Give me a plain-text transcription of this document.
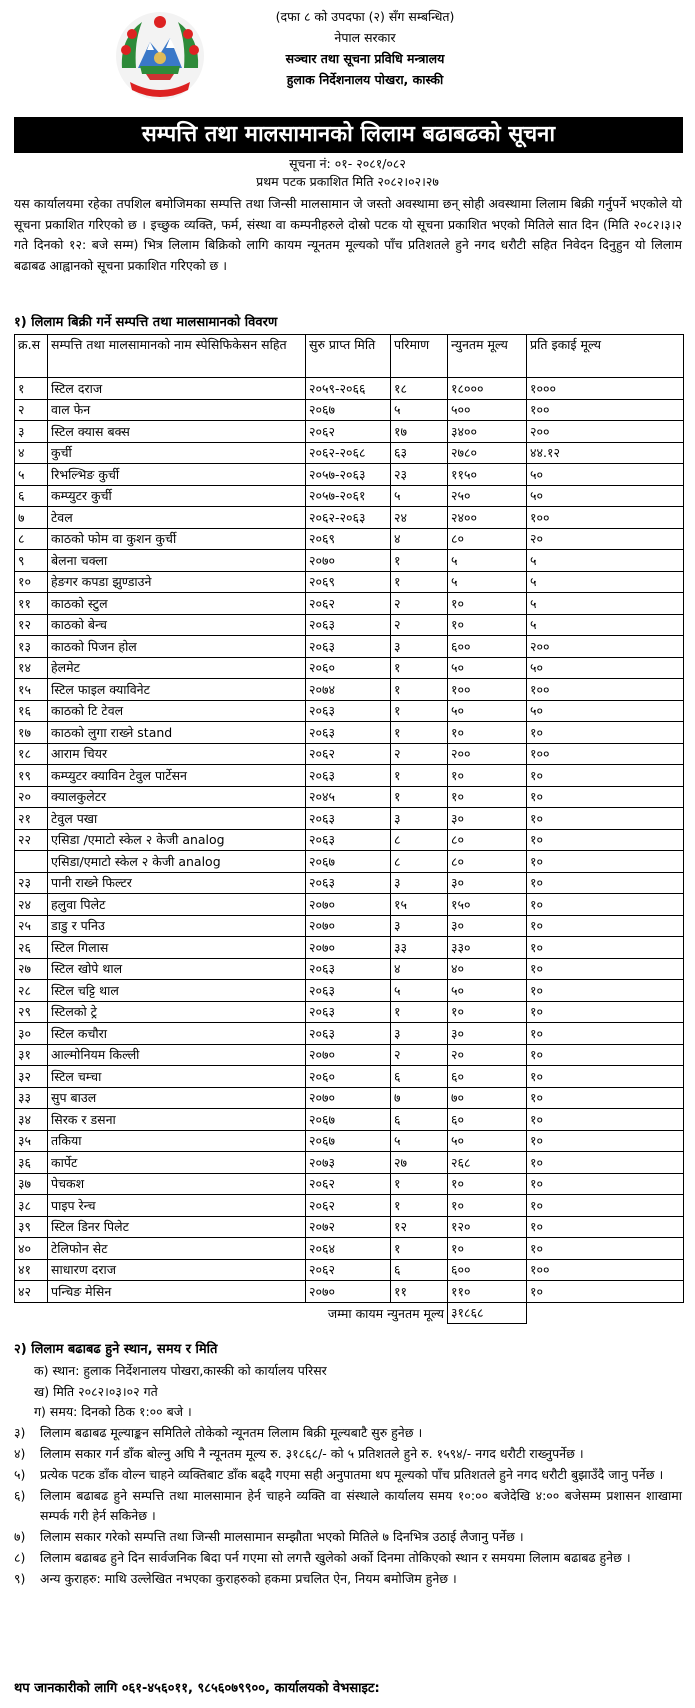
(दफा ८ को उपदफा (२) सँग सम्बन्धित)
नेपाल सरकार
सञ्चार तथा सूचना प्रविधि मन्त्रालय
हुलाक निर्देशनालय पोखरा, कास्की
सम्पत्ति तथा मालसामानको लिलाम बढाबढको सूचना
सूचना नं: ०१- २०८१/०८२
प्रथम पटक प्रकाशित मिति २०८२।०२।२७
यस कार्यालयमा रहेका तपशिल बमोजिमका सम्पत्ति तथा जिन्सी मालसामान जे जस्तो अवस्थामा छन् सोही अवस्थामा लिलाम बिक्री गर्नुपर्ने भएकोले यो सूचना प्रकाशित गरिएको छ । इच्छुक व्यक्ति, फर्म, संस्था वा कम्पनीहरुले दोस्रो पटक यो सूचना प्रकाशित भएको मितिले सात दिन (मिति २०८२।३।२ गते दिनको १२: बजे सम्म) भित्र लिलाम बिक्रिको लागि कायम न्यूनतम मूल्यको पाँच प्रतिशतले हुने नगद धरौटी सहित निवेदन दिनुहुन यो लिलाम बढाबढ आह्वानको सूचना प्रकाशित गरिएको छ ।
१) लिलाम बिक्री गर्ने सम्पत्ति तथा मालसामानको विवरण
क्र.स	सम्पत्ति तथा मालसामानको नाम स्पेसिफिकेसन सहित	सुरु प्राप्त मिति	परिमाण	न्युनतम मूल्य	प्रति इकाई मूल्य
१	स्टिल दराज	२०५९-२०६६	१८	१८०००	१०००
२	वाल फेन	२०६७	५	५००	१००
३	स्टिल क्यास बक्स	२०६२	१७	३४००	२००
४	कुर्ची	२०६२-२०६८	६३	२७८०	४४.१२
५	रिभल्भिङ कुर्ची	२०५७-२०६३	२३	११५०	५०
६	कम्प्युटर कुर्ची	२०५७-२०६१	५	२५०	५०
७	टेवल	२०६२-२०६३	२४	२४००	१००
८	काठको फोम वा कुशन कुर्ची	२०६९	४	८०	२०
९	बेलना चक्ला	२०७०	१	५	५
१०	हेङगर कपडा झुण्डाउने	२०६९	१	५	५
११	काठको स्टुल	२०६२	२	१०	५
१२	काठको बेन्च	२०६३	२	१०	५
१३	काठको पिजन होल	२०६३	३	६००	२००
१४	हेलमेट	२०६०	१	५०	५०
१५	स्टिल फाइल क्याविनेट	२०७४	१	१००	१००
१६	काठको टि टेवल	२०६३	१	५०	५०
१७	काठको लुगा राख्ने stand	२०६३	१	१०	१०
१८	आराम चियर	२०६२	२	२००	१००
१९	कम्प्युटर क्याविन टेवुल पार्टेसन	२०६३	१	१०	१०
२०	क्यालकुलेटर	२०४५	१	१०	१०
२१	टेवुल पखा	२०६३	३	३०	१०
२२	एसिडा /एमाटो स्केल २ केजी analog	२०६३	८	८०	१०
	एसिडा/एमाटो स्केल २ केजी analog	२०६७	८	८०	१०
२३	पानी राख्ने फिल्टर	२०६३	३	३०	१०
२४	हलुवा पिलेट	२०७०	१५	१५०	१०
२५	डाडु र पनिउ	२०७०	३	३०	१०
२६	स्टिल गिलास	२०७०	३३	३३०	१०
२७	स्टिल खोपे थाल	२०६३	४	४०	१०
२८	स्टिल चट्टि थाल	२०६३	५	५०	१०
२९	स्टिलको ट्रे	२०६३	१	१०	१०
३०	स्टिल कचौरा	२०६३	३	३०	१०
३१	आल्मोनियम किल्ली	२०७०	२	२०	१०
३२	स्टिल चम्चा	२०६०	६	६०	१०
३३	सुप बाउल	२०७०	७	७०	१०
३४	सिरक र डसना	२०६७	६	६०	१०
३५	तकिया	२०६७	५	५०	१०
३६	कार्पेट	२०७३	२७	२६८	१०
३७	पेचकश	२०६२	१	१०	१०
३८	पाइप रेन्च	२०६२	१	१०	१०
३९	स्टिल डिनर पिलेट	२०७२	१२	१२०	१०
४०	टेलिफोन सेट	२०६४	१	१०	१०
४१	साधारण दराज	२०६२	६	६००	१००
४२	पन्चिङ मेसिन	२०७०	११	११०	१०
जम्मा कायम न्युनतम मूल्य				३१८६८	
२) लिलाम बढाबढ हुने स्थान, समय र मिति
क) स्थान: हुलाक निर्देशनालय पोखरा,कास्की को कार्यालय परिसर
ख) मिति २०८२।०३।०२ गते
ग) समय: दिनको ठिक १:०० बजे ।
३)	लिलाम बढाबढ मूल्याङ्कन समितिले तोकेको न्यूनतम लिलाम बिक्री मूल्यबाटै सुरु हुनेछ ।
४)	लिलाम सकार गर्न डाँक बोल्नु अघि नै न्यूनतम मूल्य रु. ३१८६८/- को ५ प्रतिशतले हुने रु. १५९४/- नगद धरौटी राख्नुपर्नेछ ।
५)	प्रत्येक पटक डाँक वोल्न चाहने व्यक्तिबाट डाँक बढ्दै गएमा सही अनुपातमा थप मूल्यको पाँच प्रतिशतले हुने नगद धरौटी बुझाउँदै जानु पर्नेछ ।
६)	लिलाम बढाबढ हुने सम्पत्ति तथा मालसामान हेर्न चाहने व्यक्ति वा संस्थाले कार्यालय समय १०:०० बजेदेखि ४:०० बजेसम्म प्रशासन शाखामा सम्पर्क गरी हेर्न सकिनेछ ।
७)	लिलाम सकार गरेको सम्पत्ति तथा जिन्सी मालसामान सम्झौता भएको मितिले ७ दिनभित्र उठाई लैजानु पर्नेछ ।
८)	लिलाम बढाबढ हुने दिन सार्वजनिक बिदा पर्न गएमा सो लगत्तै खुलेको अर्को दिनमा तोकिएको स्थान र समयमा लिलाम बढाबढ हुनेछ ।
९)	अन्य कुराहरु: माथि उल्लेखित नभएका कुराहरुको हकमा प्रचलित ऐन, नियम बमोजिम हुनेछ ।
थप जानकारीको लागि ०६१-४५६०११, ९८५६०७९९००, कार्यालयको वेभसाइट:
